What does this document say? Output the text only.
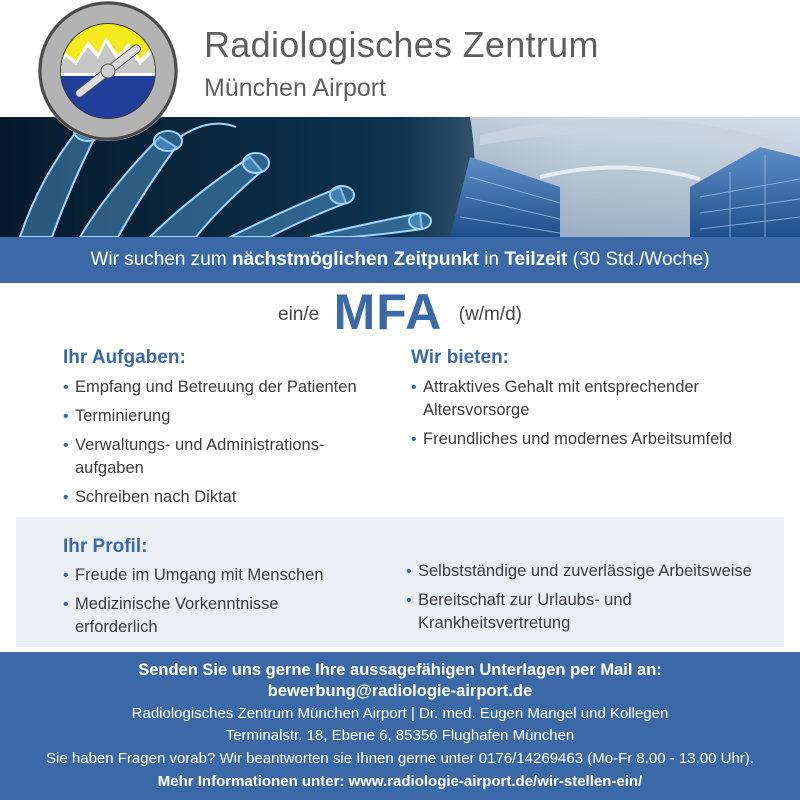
Radiologisches Zentrum
München Airport
Wir suchen zum nächstmöglichen Zeitpunkt in Teilzeit (30 Std./Woche)
ein/e MFA (w/m/d)
Ihr Aufgaben:
• Empfang und Betreuung der Patienten
• Terminierung
• Verwaltungs- und Administrations- aufgaben
• Schreiben nach Diktat
Wir bieten:
• Attraktives Gehalt mit entsprechender Altersvorsorge
• Freundliches und modernes Arbeitsumfeld
Ihr Profil:
• Freude im Umgang mit Menschen
• Medizinische Vorkenntnisse erforderlich
• Selbstständige und zuverlässige Arbeitsweise
• Bereitschaft zur Urlaubs- und Krankheitsvertretung
Senden Sie uns gerne Ihre aussagefähigen Unterlagen per Mail an:
bewerbung@radiologie-airport.de
Radiologisches Zentrum München Airport | Dr. med. Eugen Mangel und Kollegen
Terminalstr. 18, Ebene 6, 85356 Flughafen München
Sie haben Fragen vorab? Wir beantworten sie Ihnen gerne unter 0176/14269463 (Mo-Fr 8.00 - 13.00 Uhr).
Mehr Informationen unter: www.radiologie-airport.de/wir-stellen-ein/
